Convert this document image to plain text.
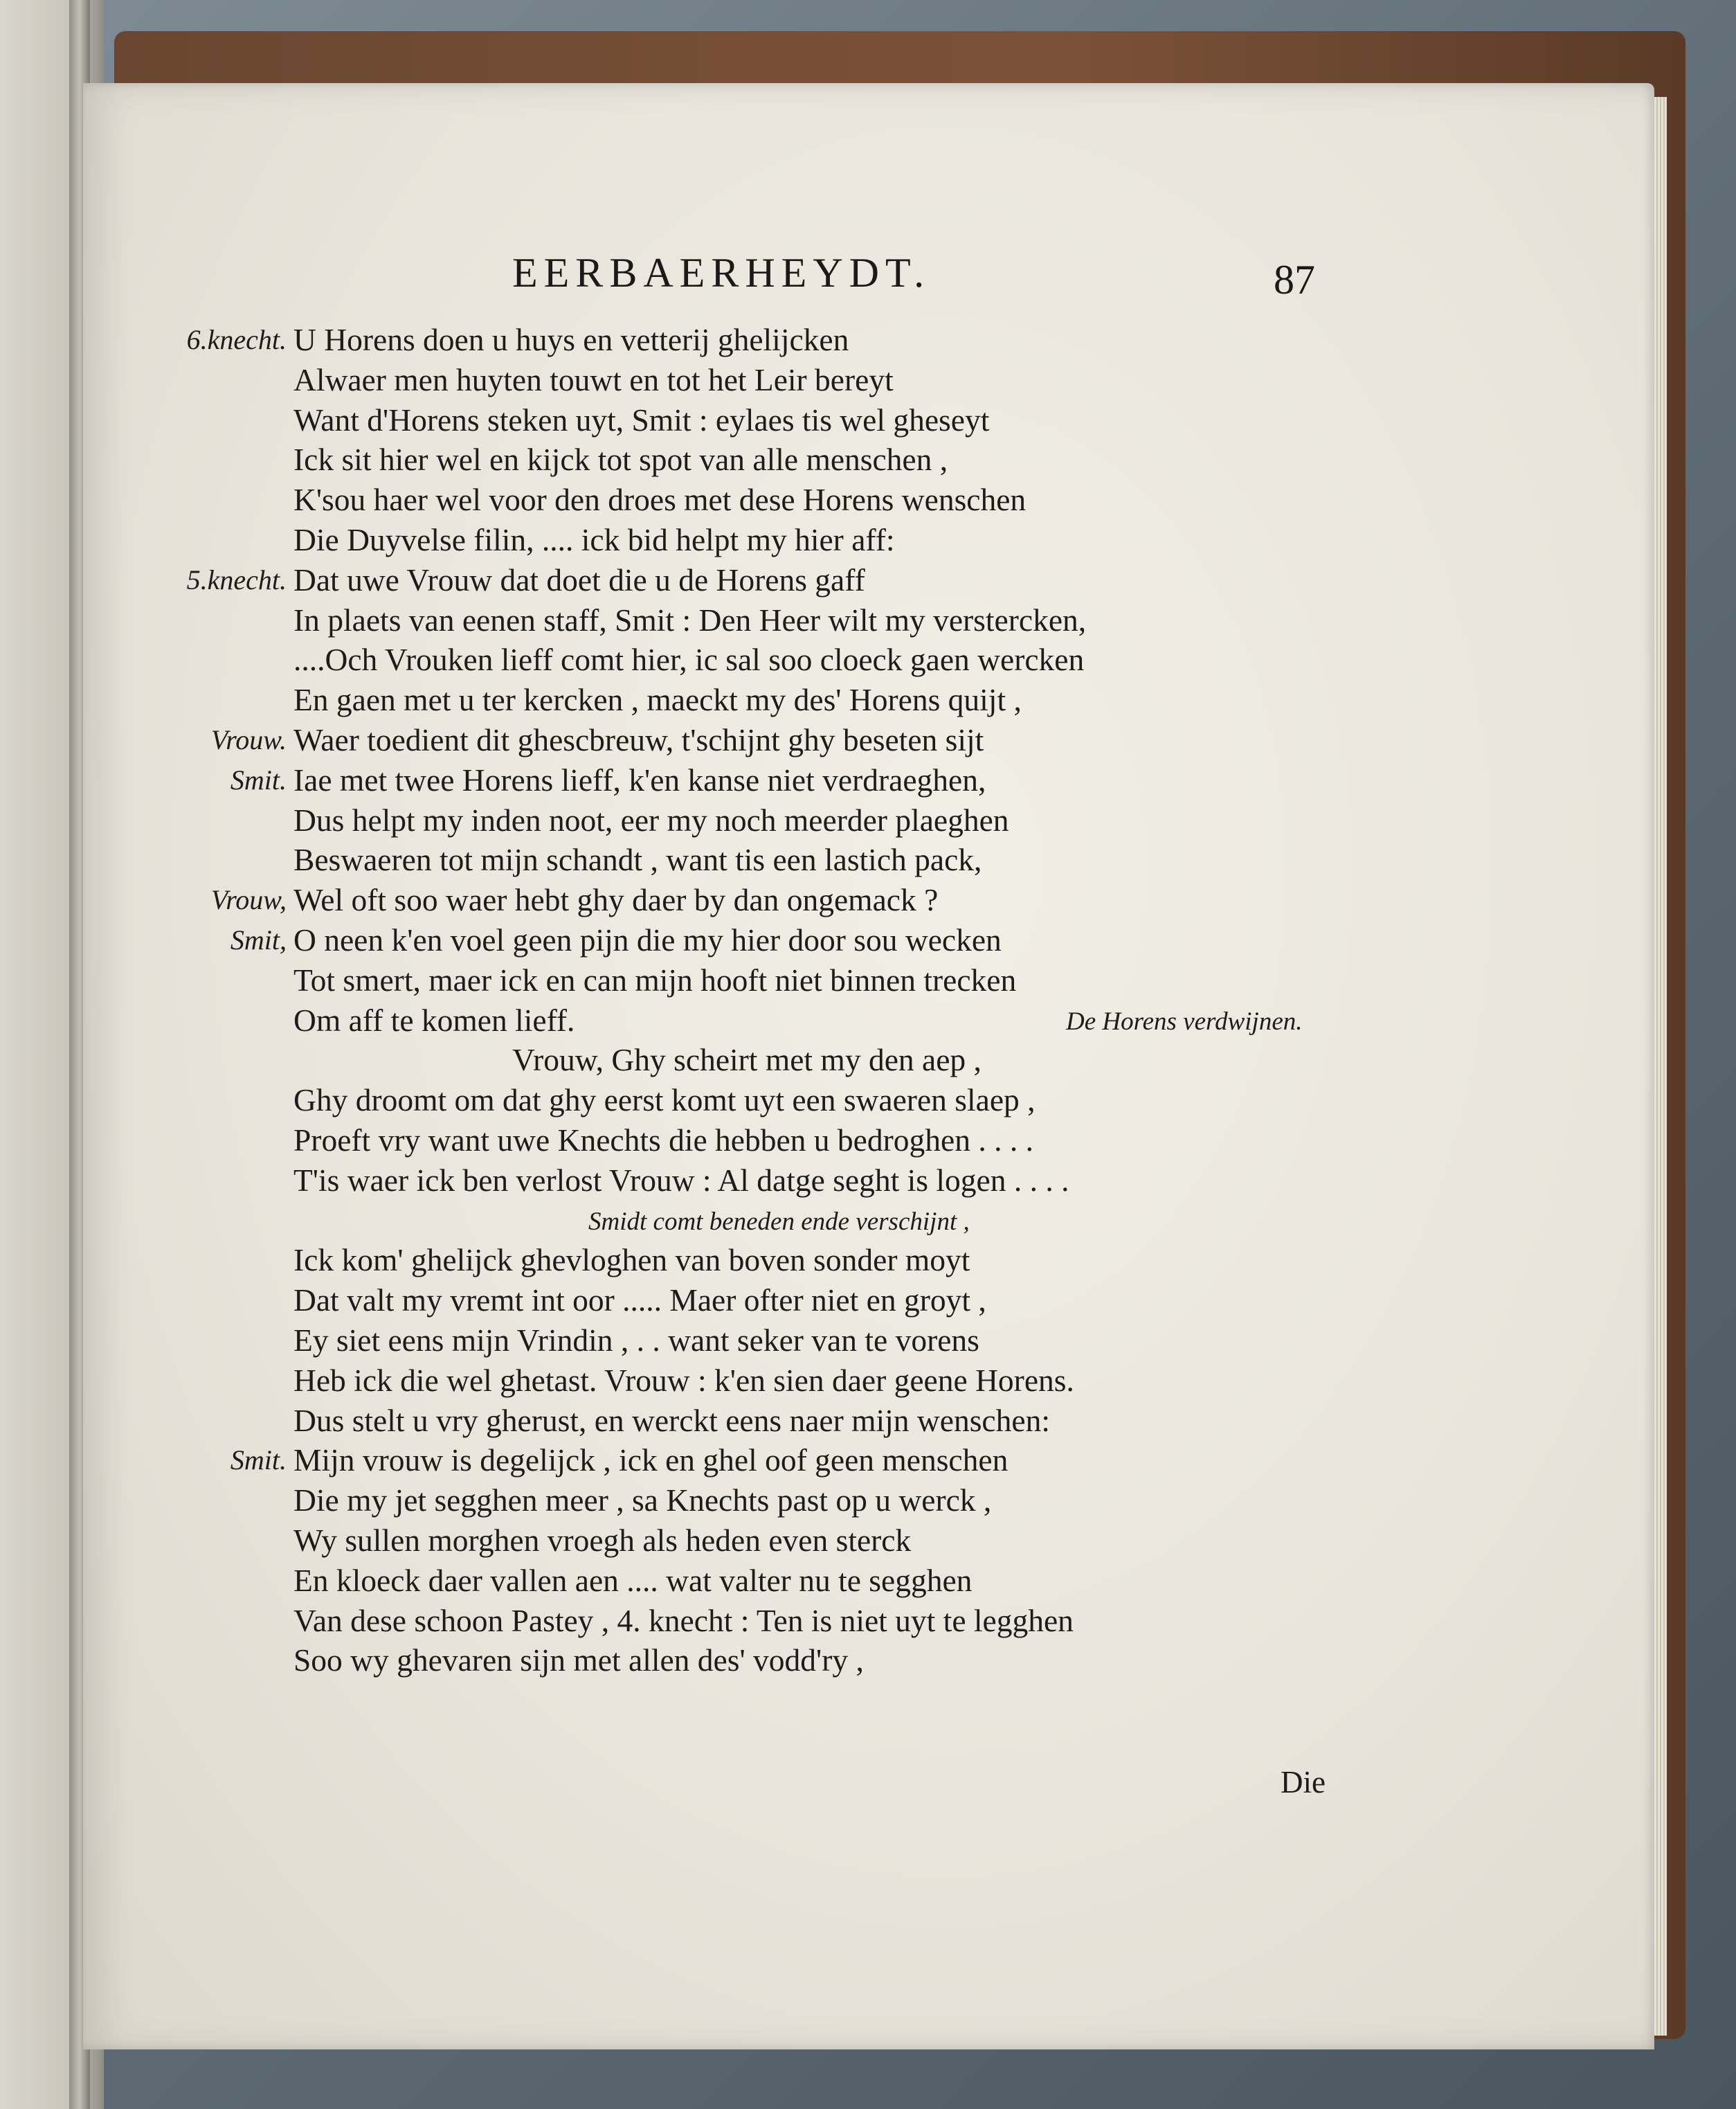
EERBAERHEYDT.	87
6.knecht. U Horens doen u huys en vetterij ghelijcken
Alwaer men huyten touwt en tot het Leir bereyt
Want d'Horens steken uyt, Smit : eylaes tis wel gheseyt
Ick sit hier wel en kijck tot spot van alle menschen ,
K'sou haer wel voor den droes met dese Horens wenschen
Die Duyvelse filin, .... ick bid helpt my hier aff:
5.knecht. Dat uwe Vrouw dat doet die u de Horens gaff
In plaets van eenen staff, Smit : Den Heer wilt my verstercken,
....Och Vrouken lieff comt hier, ic sal soo cloeck gaen wercken
En gaen met u ter kercken , maeckt my des' Horens quijt ,
Vrouw. Waer toedient dit ghescbreuw, t'schijnt ghy beseten sijt
Smit. Iae met twee Horens lieff, k'en kanse niet verdraeghen,
Dus helpt my inden noot, eer my noch meerder plaeghen
Beswaeren tot mijn schandt , want tis een lastich pack,
Vrouw, Wel oft soo waer hebt ghy daer by dan ongemack ?
Smit, O neen k'en voel geen pijn die my hier door sou wecken
Tot smert, maer ick en can mijn hooft niet binnen trecken
Om aff te komen lieff.	De Horens verdwijnen.
Vrouw, Ghy scheirt met my den aep ,
Ghy droomt om dat ghy eerst komt uyt een swaeren slaep ,
Proeft vry want uwe Knechts die hebben u bedroghen . . . .
T'is waer ick ben verlost Vrouw : Al datge seght is logen . . . .
Smidt comt beneden ende verschijnt ,
Ick kom' ghelijck ghevloghen van boven sonder moyt
Dat valt my vremt int oor ..... Maer ofter niet en groyt ,
Ey siet eens mijn Vrindin , . . want seker van te vorens
Heb ick die wel ghetast. Vrouw : k'en sien daer geene Horens.
Dus stelt u vry gherust, en werckt eens naer mijn wenschen:
Smit. Mijn vrouw is degelijck , ick en ghel oof geen menschen
Die my jet segghen meer , sa Knechts past op u werck ,
Wy sullen morghen vroegh als heden even sterck
En kloeck daer vallen aen .... wat valter nu te segghen
Van dese schoon Pastey , 4. knecht : Ten is niet uyt te legghen
Soo wy ghevaren sijn met allen des' vodd'ry ,
Die
